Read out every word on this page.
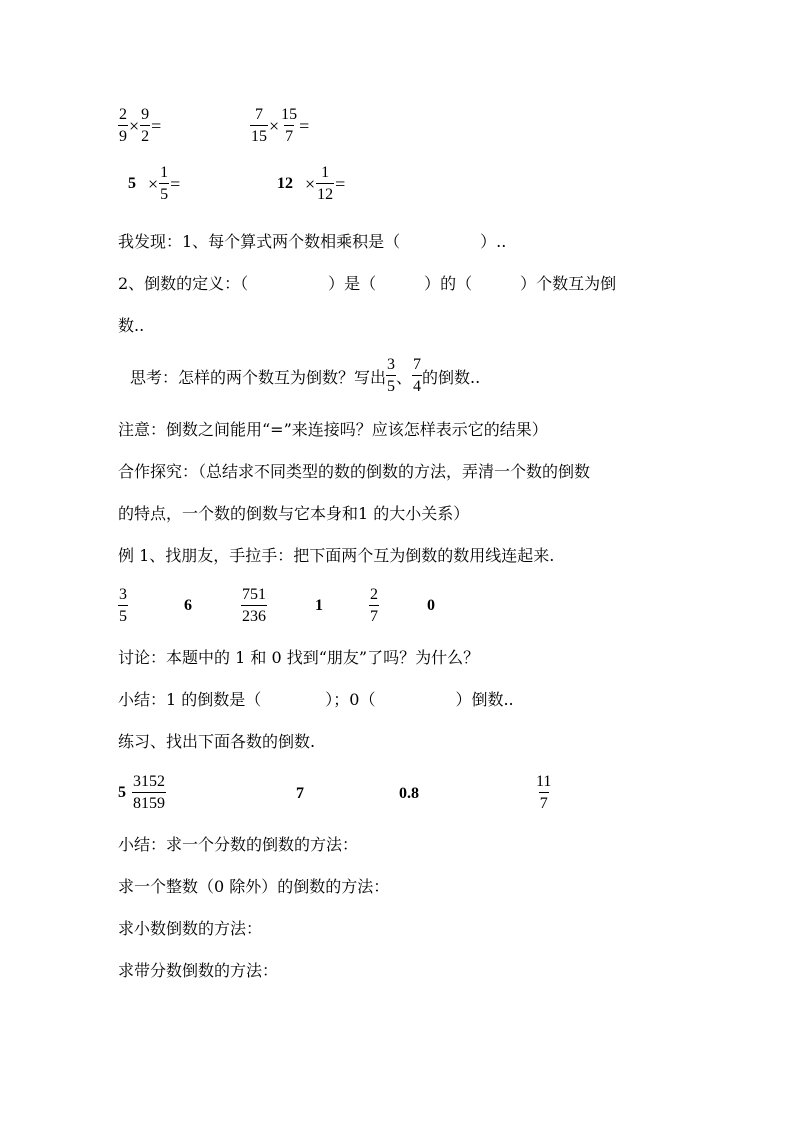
$\frac{2}{9} \times \frac{9}{2}$ =	$\frac{7}{15} \times \frac{15}{7}$ =
$5 \times \frac{1}{5}$ =	$12 \times \frac{1}{12}$ =
我发现：1、每个算式两个数相乘积是（　　　　　）..
2、倒数的定义：（　　　　　）是（　　　）的（　　　）个数互为倒
数..
思考：怎样的两个数互为倒数？写出 $\frac{3}{5}$ 、 $\frac{7}{4}$ 的倒数..
注意：倒数之间能用“=”来连接吗？应该怎样表示它的结果）
合作探究：（总结求不同类型的数的倒数的方法，弄清一个数的倒数
的特点，一个数的倒数与它本身和1 的大小关系）
例 1、找朋友，手拉手：把下面两个互为倒数的数用线连起来.
$\frac{3}{5}$	6	$\frac{751}{236}$	1	$\frac{2}{7}$	0
讨论：本题中的 1 和 0 找到“朋友”了吗？为什么？
小结：1 的倒数是（　　　　）；0（　　　　　）倒数..
练习、找出下面各数的倒数.
$5 \frac{3152}{8159}$	7	0.8	$\frac{11}{7}$
小结：求一个分数的倒数的方法：
求一个整数（0 除外）的倒数的方法：
求小数倒数的方法：
求带分数倒数的方法：
